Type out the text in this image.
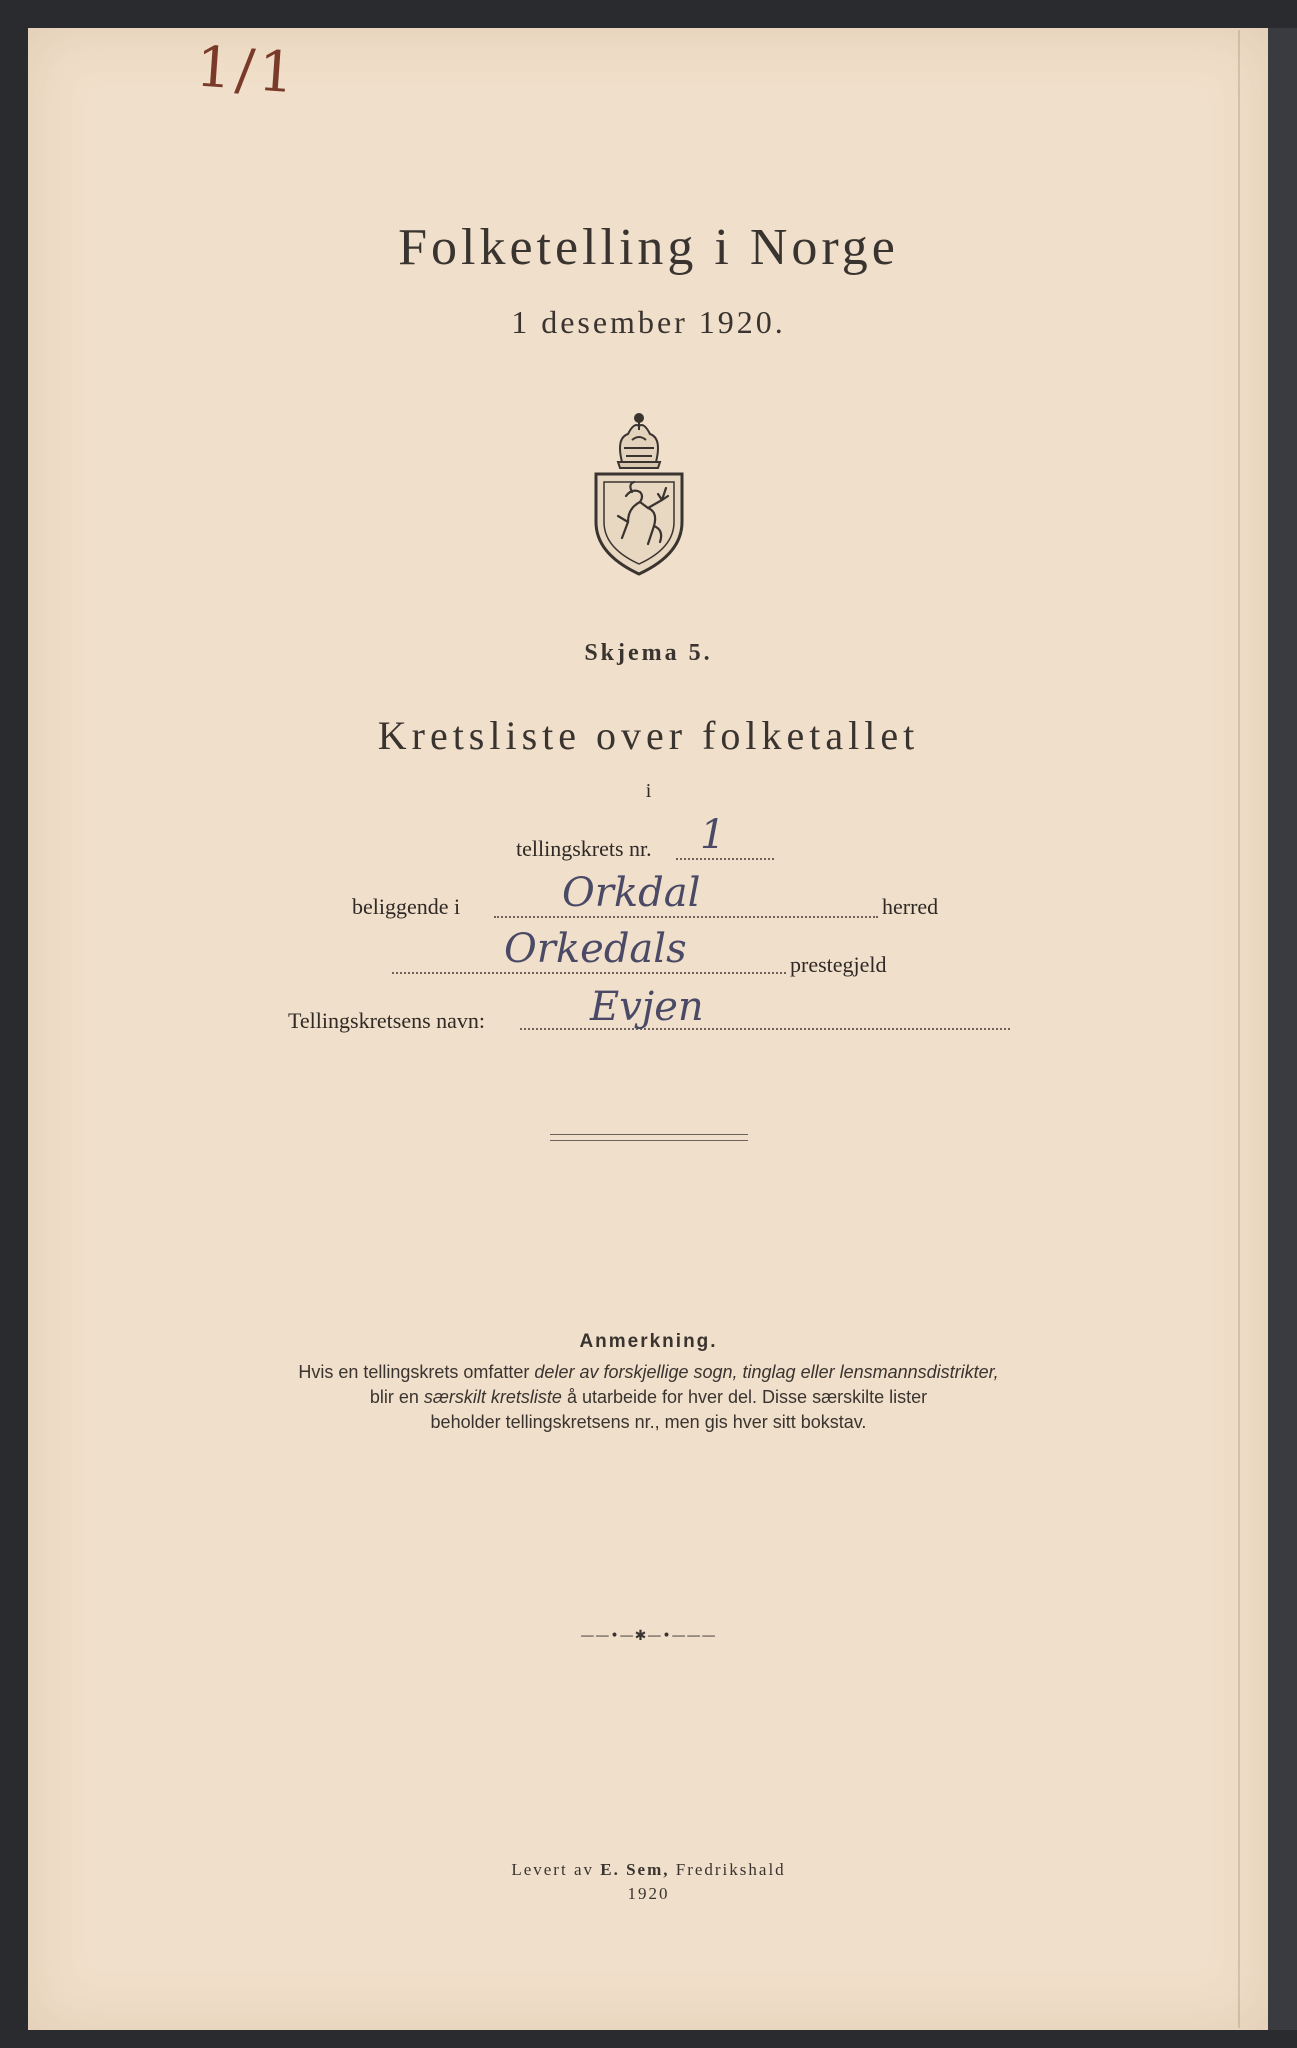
1/1
Folketelling i Norge
1 desember 1920.
Skjema 5.
Kretsliste over folketallet
i
tellingskrets nr. 1
beliggende i	Orkdal	herred
Orkedals	prestegjeld
Tellingskretsens navn:	Evjen
Anmerkning.
Hvis en tellingskrets omfatter deler av forskjellige sogn, tinglag eller lensmannsdistrikter,
blir en særskilt kretsliste å utarbeide for hver del. Disse særskilte lister
beholder tellingskretsens nr., men gis hver sitt bokstav.
——•—✱—•———
Levert av E. Sem, Fredrikshald
1920
